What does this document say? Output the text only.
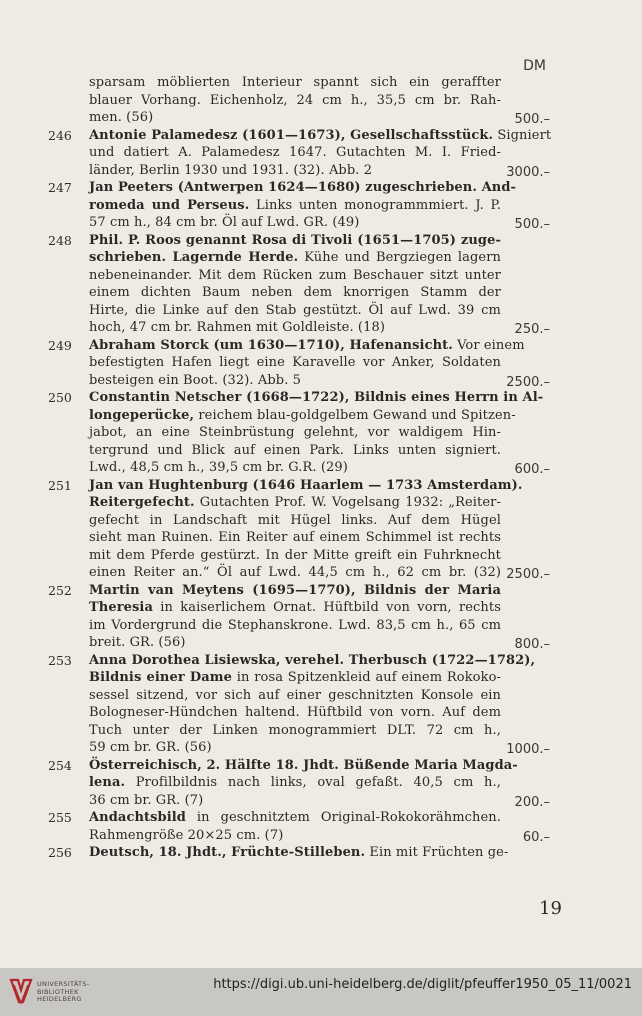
DM
sparsam möblierten Interieur spannt sich ein geraffter
blauer Vorhang. Eichenholz, 24 cm h., 35,5 cm br. Rah-
men. (56)	500.–
246 Antonie Palamedesz (1601—1673), Gesellschaftsstück. Signiert
und datiert A. Palamedesz 1647. Gutachten M. I. Fried-
länder, Berlin 1930 und 1931. (32). Abb. 2	3000.–
247 Jan Peeters (Antwerpen 1624—1680) zugeschrieben. And-
romeda und Perseus. Links unten monogrammmiert. J. P.
57 cm h., 84 cm br. Öl auf Lwd. GR. (49)	500.–
248 Phil. P. Roos genannt Rosa di Tivoli (1651—1705) zuge-
schrieben. Lagernde Herde. Kühe und Bergziegen lagern
nebeneinander. Mit dem Rücken zum Beschauer sitzt unter
einem dichten Baum neben dem knorrigen Stamm der
Hirte, die Linke auf den Stab gestützt. Öl auf Lwd. 39 cm
hoch, 47 cm br. Rahmen mit Goldleiste. (18)	250.–
249 Abraham Storck (um 1630—1710), Hafenansicht. Vor einem
befestigten Hafen liegt eine Karavelle vor Anker, Soldaten
besteigen ein Boot. (32). Abb. 5	2500.–
250 Constantin Netscher (1668—1722), Bildnis eines Herrn in Al-
longeperücke, reichem blau-goldgelbem Gewand und Spitzen-
jabot, an eine Steinbrüstung gelehnt, vor waldigem Hin-
tergrund und Blick auf einen Park. Links unten signiert.
Lwd., 48,5 cm h., 39,5 cm br. G.R. (29)	600.–
251 Jan van Hughtenburg (1646 Haarlem — 1733 Amsterdam).
Reitergefecht. Gutachten Prof. W. Vogelsang 1932: „Reiter-
gefecht in Landschaft mit Hügel links. Auf dem Hügel
sieht man Ruinen. Ein Reiter auf einem Schimmel ist rechts
mit dem Pferde gestürzt. In der Mitte greift ein Fuhrknecht
einen Reiter an.“ Öl auf Lwd. 44,5 cm h., 62 cm br. (32) 2500.–
252 Martin van Meytens (1695—1770), Bildnis der Maria
Theresia in kaiserlichem Ornat. Hüftbild von vorn, rechts
im Vordergrund die Stephanskrone. Lwd. 83,5 cm h., 65 cm
breit. GR. (56)	800.–
253 Anna Dorothea Lisiewska, verehel. Therbusch (1722—1782),
Bildnis einer Dame in rosa Spitzenkleid auf einem Rokoko-
sessel sitzend, vor sich auf einer geschnitzten Konsole ein
Bologneser-Hündchen haltend. Hüftbild von vorn. Auf dem
Tuch unter der Linken monogrammiert DLT. 72 cm h.,
59 cm br. GR. (56)	1000.–
254 Österreichisch, 2. Hälfte 18. Jhdt. Büßende Maria Magda-
lena. Profilbildnis nach links, oval gefaßt. 40,5 cm h.,
36 cm br. GR. (7)	200.–
255 Andachtsbild in geschnitztem Original-Rokokorähmchen.
Rahmengröße 20×25 cm. (7)	60.–
256 Deutsch, 18. Jhdt., Früchte-Stilleben. Ein mit Früchten ge-
19
UNIVERSITÄTS-
BIBLIOTHEK
HEIDELBERG
https://digi.ub.uni-heidelberg.de/diglit/pfeuffer1950_05_11/0021
